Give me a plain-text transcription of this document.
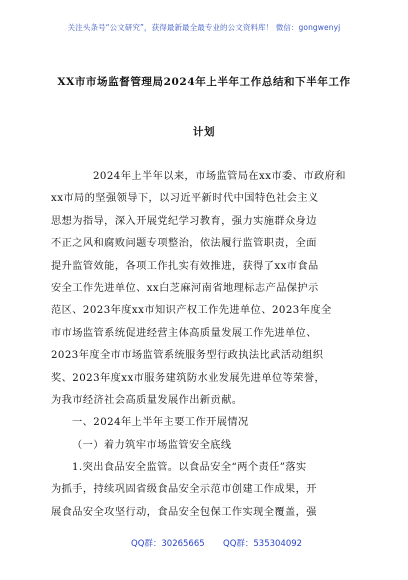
关注头条号“公文研究”，获得最新最全最专业的公文资料库！ 微信：gongwenyj
XX市市场监督管理局2024年上半年工作总结和下半年工作
计划
2024年上半年以来，市场监管局在xx市委、市政府和
xx市局的坚强领导下，以习近平新时代中国特色社会主义
思想为指导，深入开展党纪学习教育，强力实施群众身边
不正之风和腐败问题专项整治，依法履行监管职责，全面
提升监管效能，各项工作扎实有效推进，获得了xx市食品
安全工作先进单位、xx白芝麻河南省地理标志产品保护示
范区、2023年度xx市知识产权工作先进单位、2023年度全
市市场监管系统促进经营主体高质量发展工作先进单位、
2023年度全市市场监管系统服务型行政执法比武活动组织
奖、2023年度xx市服务建筑防水业发展先进单位等荣誉，
为我市经济社会高质量发展作出新贡献。
一、2024年上半年主要工作开展情况
（一）着力筑牢市场监管安全底线
1.突出食品安全监管。以食品安全“两个责任”落实
为抓手，持续巩固省级食品安全示范市创建工作成果，开
展食品安全攻坚行动，食品安全包保工作实现全覆盖，强
QQ群：30265665 QQ群：535304092
